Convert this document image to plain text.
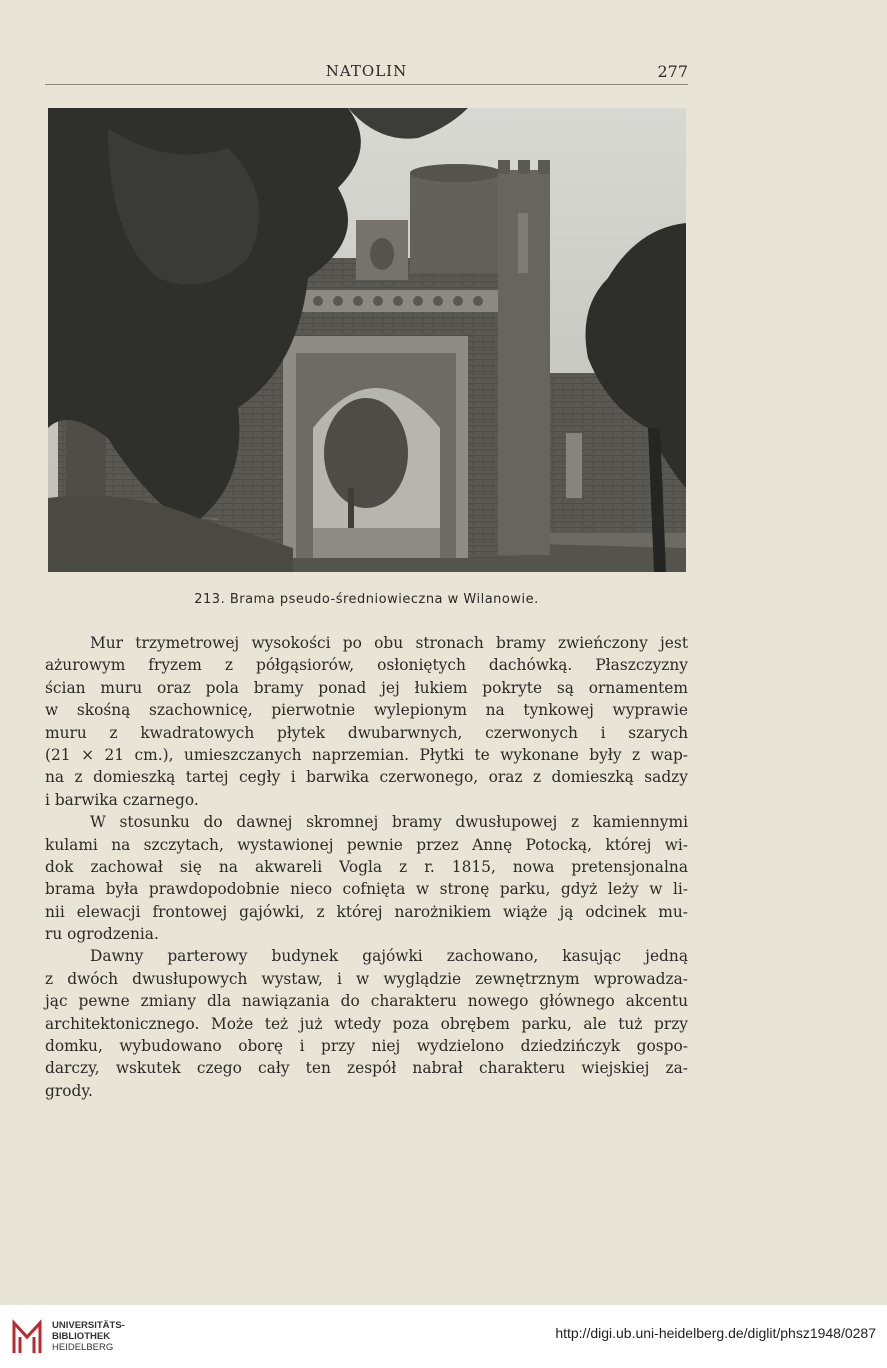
NATOLIN	277
213. Brama pseudo-średniowieczna w Wilanowie.
Mur trzymetrowej wysokości po obu stronach bramy zwieńczony jest
ażurowym fryzem z półgąsiorów, osłoniętych dachówką. Płaszczyzny
ścian muru oraz pola bramy ponad jej łukiem pokryte są ornamentem
w skośną szachownicę, pierwotnie wylepionym na tynkowej wyprawie
muru z kwadratowych płytek dwubarwnych, czerwonych i szarych
(21 × 21 cm.), umieszczanych naprzemian. Płytki te wykonane były z wap-
na z domieszką tartej cegły i barwika czerwonego, oraz z domieszką sadzy
i barwika czarnego.
W stosunku do dawnej skromnej bramy dwusłupowej z kamiennymi
kulami na szczytach, wystawionej pewnie przez Annę Potocką, której wi-
dok zachował się na akwareli Vogla z r. 1815, nowa pretensjonalna
brama była prawdopodobnie nieco cofnięta w stronę parku, gdyż leży w li-
nii elewacji frontowej gajówki, z której narożnikiem wiąże ją odcinek mu-
ru ogrodzenia.
Dawny parterowy budynek gajówki zachowano, kasując jedną
z dwóch dwusłupowych wystaw, i w wyglądzie zewnętrznym wprowadza-
jąc pewne zmiany dla nawiązania do charakteru nowego głównego akcentu
architektonicznego. Może też już wtedy poza obrębem parku, ale tuż przy
domku, wybudowano oborę i przy niej wydzielono dziedzińczyk gospo-
darczy, wskutek czego cały ten zespół nabrał charakteru wiejskiej za-
grody.
UNIVERSITÄTS-
BIBLIOTHEK
HEIDELBERG
http://digi.ub.uni-heidelberg.de/diglit/phsz1948/0287
